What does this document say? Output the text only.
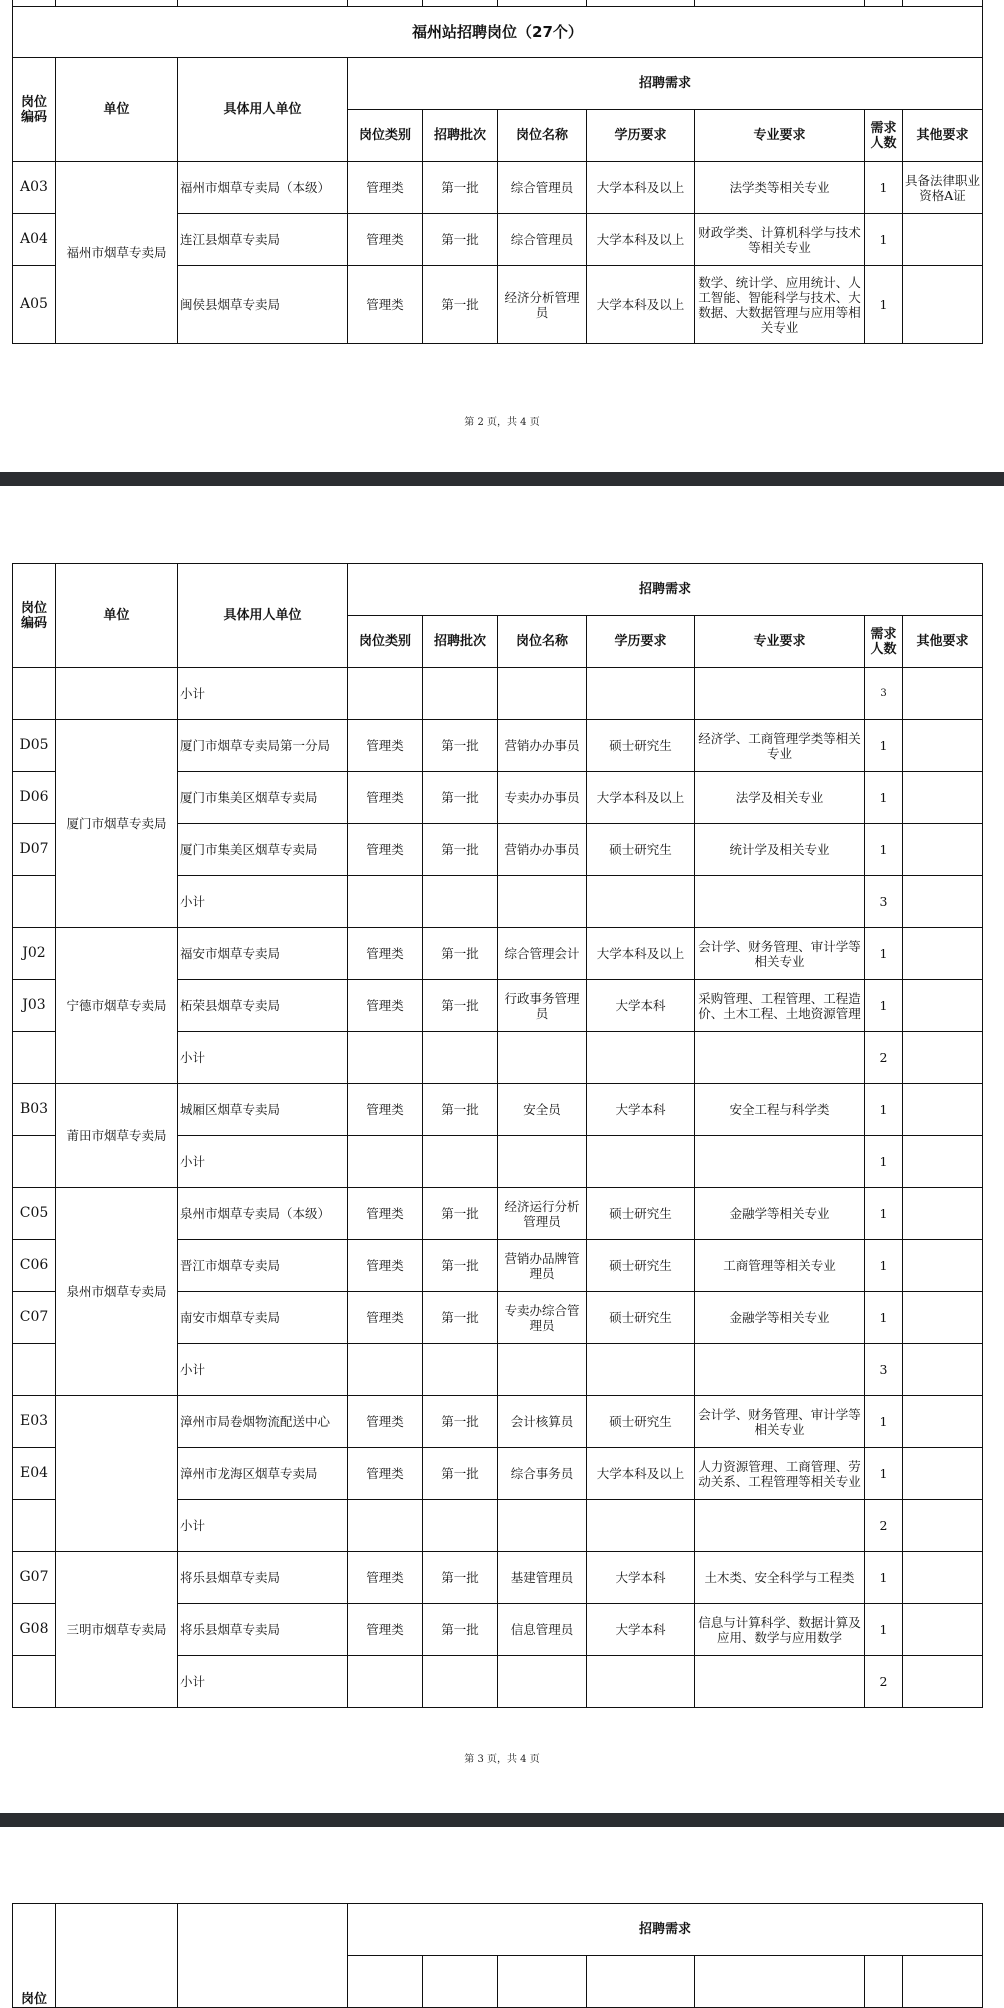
福州站招聘岗位（27个）									
岗位编码	单位	具体用人单位	招聘需求						
			岗位类别	招聘批次	岗位名称	学历要求	专业要求	需求人数	其他要求
A03	福州市烟草专卖局	福州市烟草专卖局（本级）	管理类	第一批	综合管理员	大学本科及以上	法学类等相关专业	1	具备法律职业资格A证
A04		连江县烟草专卖局	管理类	第一批	综合管理员	大学本科及以上	财政学类、计算机科学与技术等相关专业	1	
A05		闽侯县烟草专卖局	管理类	第一批	经济分析管理员	大学本科及以上	数学、统计学、应用统计、人工智能、智能科学与技术、大数据、大数据管理与应用等相关专业	1	
第 2 页，共 4 页
岗位编码	单位	具体用人单位	招聘需求						
			岗位类别	招聘批次	岗位名称	学历要求	专业要求	需求人数	其他要求
		小计						3	
D05	厦门市烟草专卖局	厦门市烟草专卖局第一分局	管理类	第一批	营销办办事员	硕士研究生	经济学、工商管理学类等相关专业	1	
D06		厦门市集美区烟草专卖局	管理类	第一批	专卖办办事员	大学本科及以上	法学及相关专业	1	
D07		厦门市集美区烟草专卖局	管理类	第一批	营销办办事员	硕士研究生	统计学及相关专业	1	
		小计						3	
J02	宁德市烟草专卖局	福安市烟草专卖局	管理类	第一批	综合管理会计	大学本科及以上	会计学、财务管理、审计学等相关专业	1	
J03		柘荣县烟草专卖局	管理类	第一批	行政事务管理员	大学本科	采购管理、工程管理、工程造价、土木工程、土地资源管理	1	
		小计						2	
B03	莆田市烟草专卖局	城厢区烟草专卖局	管理类	第一批	安全员	大学本科	安全工程与科学类	1	
		小计						1	
C05	泉州市烟草专卖局	泉州市烟草专卖局（本级）	管理类	第一批	经济运行分析管理员	硕士研究生	金融学等相关专业	1	
C06		晋江市烟草专卖局	管理类	第一批	营销办品牌管理员	硕士研究生	工商管理等相关专业	1	
C07		南安市烟草专卖局	管理类	第一批	专卖办综合管理员	硕士研究生	金融学等相关专业	1	
		小计						3	
E03		漳州市局卷烟物流配送中心	管理类	第一批	会计核算员	硕士研究生	会计学、财务管理、审计学等相关专业	1	
E04		漳州市龙海区烟草专卖局	管理类	第一批	综合事务员	大学本科及以上	人力资源管理、工商管理、劳动关系、工程管理等相关专业	1	
		小计						2	
G07	三明市烟草专卖局	将乐县烟草专卖局	管理类	第一批	基建管理员	大学本科	土木类、安全科学与工程类	1	
G08		将乐县烟草专卖局	管理类	第一批	信息管理员	大学本科	信息与计算科学、数据计算及应用、数学与应用数学	1	
		小计						2	
第 3 页，共 4 页
岗位			招聘需求						
